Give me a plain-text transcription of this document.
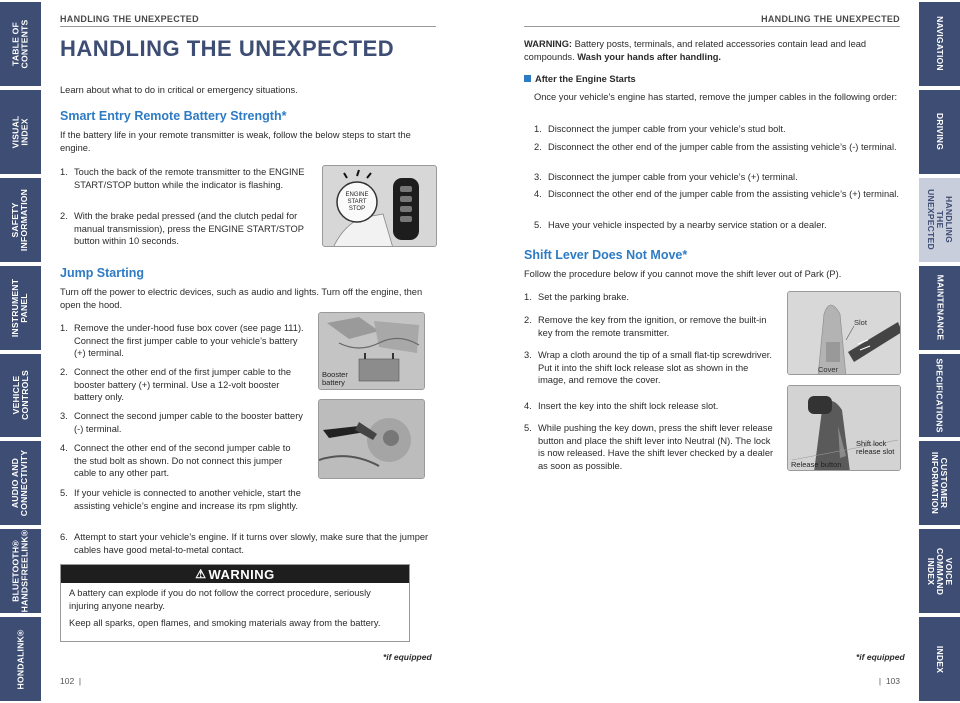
TABLE OF CONTENTS
VISUAL INDEX
SAFETY
INFORMATION
INSTRUMENT PANEL
VEHICLE
CONTROLS
AUDIO AND
CONNECTIVITY
BLUETOOTH®
HANDSFREELINK®
HONDALINK®
NAVIGATION
DRIVING
HANDLING THE
UNEXPECTED
MAINTENANCE
SPECIFICATIONS
CUSTOMER
INFORMATION
VOICE COMMAND
INDEX
INDEX
HANDLING THE UNEXPECTED	HANDLING THE UNEXPECTED
HANDLING THE UNEXPECTED
Learn about what to do in critical or emergency situations.
Smart Entry Remote Battery Strength*
If the battery life in your remote transmitter is weak, follow the below steps to start the engine.
1. Touch the back of the remote transmitter to the ENGINE START/STOP button while the indicator is flashing.
2. With the brake pedal pressed (and the clutch pedal for manual transmission), press the ENGINE START/STOP button within 10 seconds.
ENGINE
START
STOP
Jump Starting
Turn off the power to electric devices, such as audio and lights. Turn off the engine, then open the hood.
1. Remove the under-hood fuse box cover (see page 111). Connect the first jumper cable to your vehicle’s battery (+) terminal.
2. Connect the other end of the first jumper cable to the booster battery (+) terminal. Use a 12-volt booster battery only.
3. Connect the second jumper cable to the booster battery (-) terminal.
4. Connect the other end of the second jumper cable to the stud bolt as shown. Do not connect this jumper cable to any other part.
5. If your vehicle is connected to another vehicle, start the assisting vehicle’s engine and increase its rpm slightly.
6. Attempt to start your vehicle’s engine. If it turns over slowly, make sure that the jumper cables have good metal-to-metal contact.
Booster
battery
⚠ WARNING
A battery can explode if you do not follow the correct procedure, seriously injuring anyone nearby.
Keep all sparks, open flames, and smoking materials away from the battery.
*if equipped
102  |
WARNING: Battery posts, terminals, and related accessories contain lead and lead compounds. Wash your hands after handling.
After the Engine Starts
Once your vehicle’s engine has started, remove the jumper cables in the following order:
1. Disconnect the jumper cable from your vehicle’s stud bolt.
2. Disconnect the other end of the jumper cable from the assisting vehicle’s (-) terminal.
3. Disconnect the jumper cable from your vehicle’s (+) terminal.
4. Disconnect the other end of the jumper cable from the assisting vehicle’s (+) terminal.
5. Have your vehicle inspected by a nearby service station or a dealer.
Shift Lever Does Not Move*
Follow the procedure below if you cannot move the shift lever out of Park (P).
1. Set the parking brake.
2. Remove the key from the ignition, or remove the built-in key from the remote transmitter.
3. Wrap a cloth around the tip of a small flat-tip screwdriver. Put it into the shift lock release slot as shown in the image, and remove the cover.
4. Insert the key into the shift lock release slot.
5. While pushing the key down, press the shift lever release button and place the shift lever into Neutral (N). The lock is now released. Have the shift lever checked by a dealer as soon as possible.
Slot
Cover
Shift lock
release slot
Release button
*if equipped
|  103
